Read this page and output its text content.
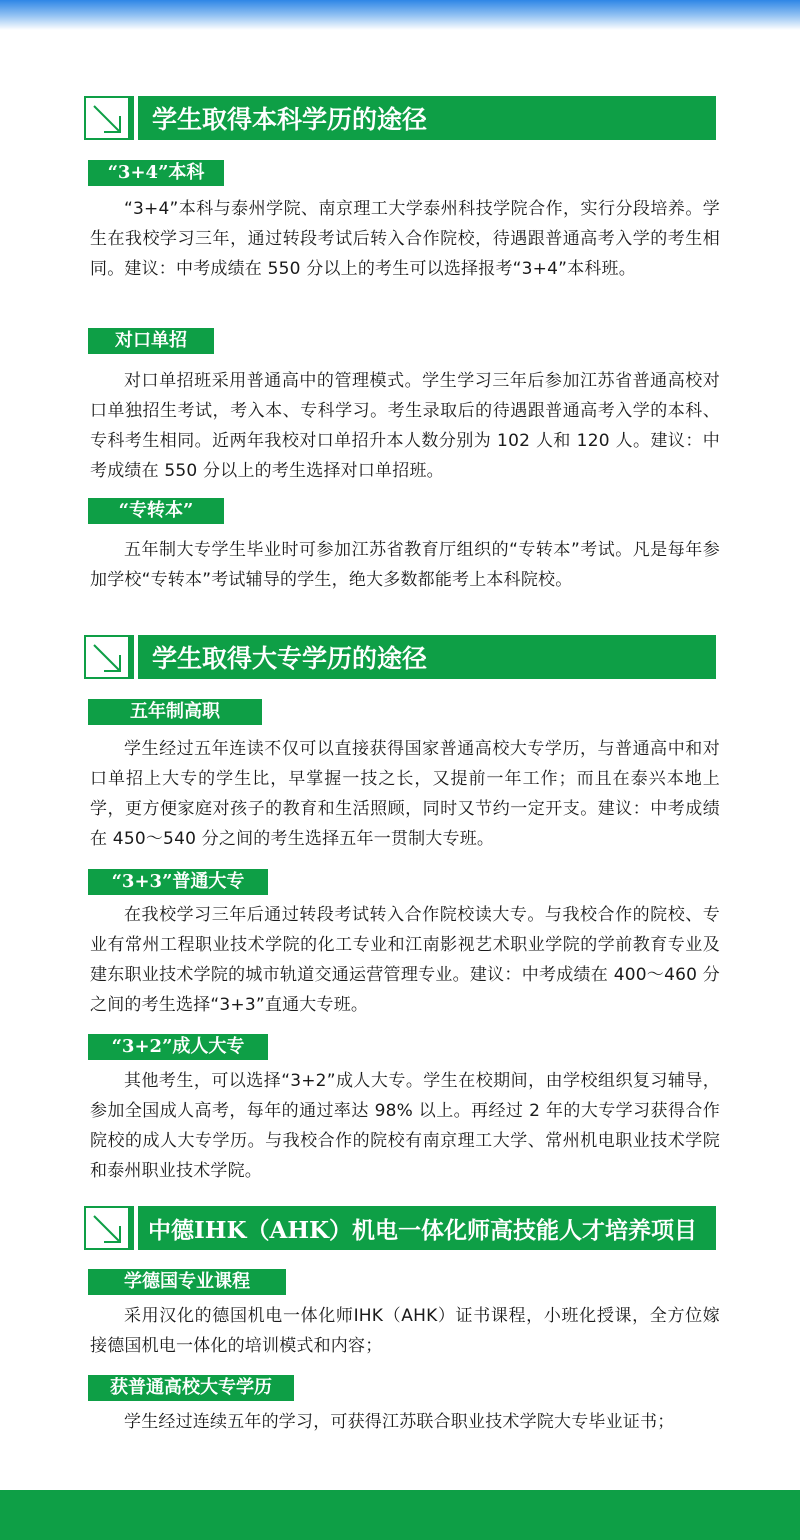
学生取得本科学历的途径
“3+4”本科

“3+4”本科与泰州学院、南京理工大学泰州科技学院合作，实行分段培养。学生在我校学习三年，通过转段考试后转入合作院校，待遇跟普通高考入学的考生相同。建议：中考成绩在 550 分以上的考生可以选择报考“3+4”本科班。

对口单招

对口单招班采用普通高中的管理模式。学生学习三年后参加江苏省普通高校对口单独招生考试，考入本、专科学习。考生录取后的待遇跟普通高考入学的本科、专科考生相同。近两年我校对口单招升本人数分别为 102 人和 120 人。建议：中考成绩在 550 分以上的考生选择对口单招班。

“专转本”

五年制大专学生毕业时可参加江苏省教育厅组织的“专转本”考试。凡是每年参加学校“专转本”考试辅导的学生，绝大多数都能考上本科院校。

学生取得大专学历的途径
五年制高职

学生经过五年连读不仅可以直接获得国家普通高校大专学历，与普通高中和对口单招上大专的学生比，早掌握一技之长，又提前一年工作；而且在泰兴本地上学，更方便家庭对孩子的教育和生活照顾，同时又节约一定开支。建议：中考成绩在 450～540 分之间的考生选择五年一贯制大专班。

“3+3”普通大专

在我校学习三年后通过转段考试转入合作院校读大专。与我校合作的院校、专业有常州工程职业技术学院的化工专业和江南影视艺术职业学院的学前教育专业及建东职业技术学院的城市轨道交通运营管理专业。建议：中考成绩在 400～460 分之间的考生选择“3+3”直通大专班。

“3+2”成人大专

其他考生，可以选择“3+2”成人大专。学生在校期间，由学校组织复习辅导，参加全国成人高考，每年的通过率达 98% 以上。再经过 2 年的大专学习获得合作院校的成人大专学历。与我校合作的院校有南京理工大学、常州机电职业技术学院和泰州职业技术学院。

中德IHK（AHK）机电一体化师高技能人才培养项目
学德国专业课程

采用汉化的德国机电一体化师IHK（AHK）证书课程，小班化授课，全方位嫁接德国机电一体化的培训模式和内容；

获普通高校大专学历

学生经过连续五年的学习，可获得江苏联合职业技术学院大专毕业证书；
